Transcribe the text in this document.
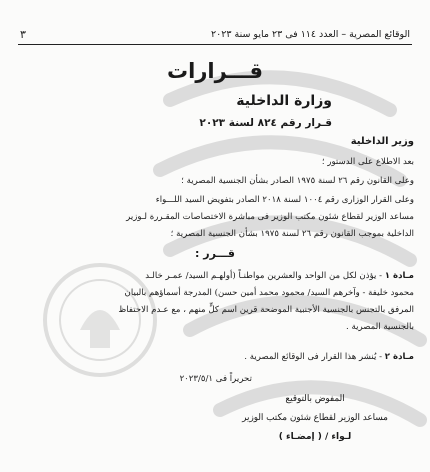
الوقائع المصرية – العدد ١١٤ فى ٢٣ مايو سنة ٢٠٢٣
٣
قـــرارات
وزارة الداخلية
قـرار رقم ٨٢٤ لسنة ٢٠٢٣
وزير الداخلية
بعد الاطلاع على الدستور ؛
وعلى القانون رقم ٢٦ لسنة ١٩٧٥ الصادر بشأن الجنسية المصرية ؛
وعلى القرار الوزارى رقم ١٠٠٤ لسنة ٢٠١٨ الصادر بتفويض السيد اللـــواء
مساعد الوزير لقطاع شئون مكتب الوزير فى مباشرة الاختصاصات المقـررة لـوزير
الداخلية بموجب القانون رقم ٢٦ لسنة ١٩٧٥ بشأن الجنسية المصرية ؛
قـــرر :
مـادة ١ - يؤذن لكل من الواحد والعشرين مواطنـاً (أولهـم السيد/ عمـر خالـد
محمود خليفة - وآخرهم السيد/ محمود محمد أمين حسن) المدرجة أسماؤهم بالبيان
المرفق بالتجنس بالجنسية الأجنبية الموضحة قرين اسم كلٍّ منهم ، مع عـدم الاحتفاظ
بالجنسية المصرية .
مـادة ٢ - يُنشر هذا القرار فى الوقائع المصرية .
تحريراً فى ٢٠٢٣/٥/١
المفوض بالتوقيع
مساعد الوزير لقطاع شئون مكتب الوزير
لـواء / ( إمضـاء )
